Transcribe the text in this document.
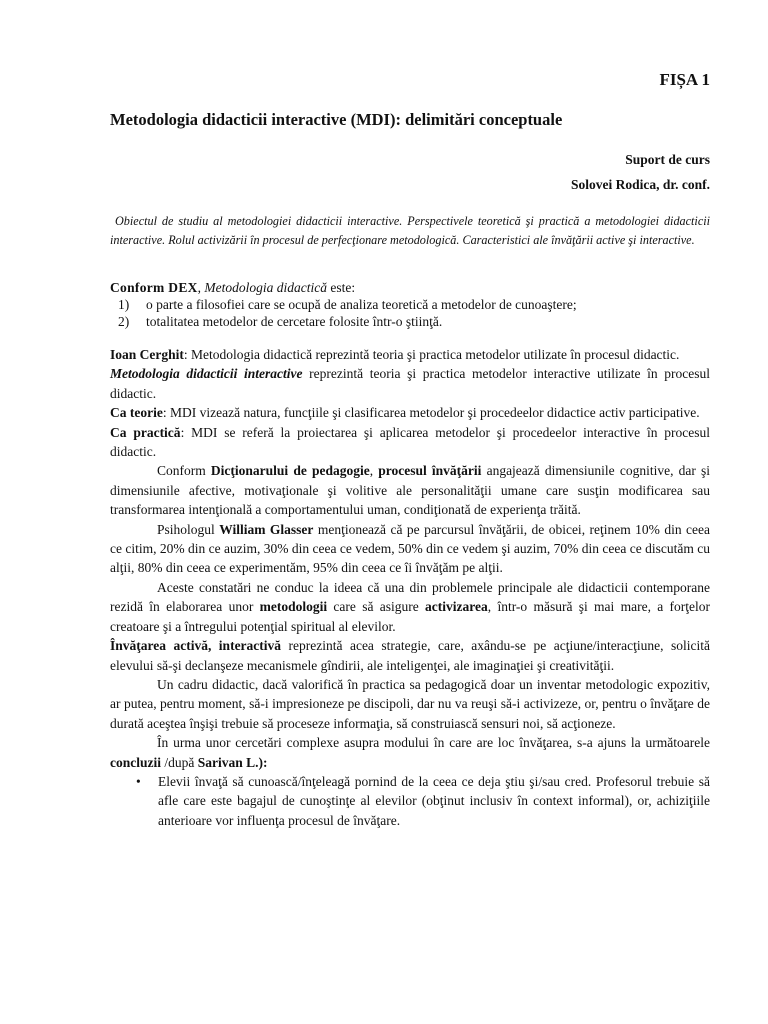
FIȘA 1
Metodologia didacticii interactive (MDI): delimitări conceptuale
Suport de curs
Solovei Rodica, dr. conf.
Obiectul de studiu al metodologiei didacticii interactive. Perspectivele teoretică şi practică a metodologiei didacticii interactive. Rolul activizării în procesul de perfecţionare metodologică. Caracteristici ale învăţării active şi interactive.
Conform DEX, Metodologia didactică este:
1) o parte a filosofiei care se ocupă de analiza teoretică a metodelor de cunoaştere;
2) totalitatea metodelor de cercetare folosite într-o ştiinţă.

Ioan Cerghit: Metodologia didactică reprezintă teoria şi practica metodelor utilizate în procesul didactic.

Metodologia didacticii interactive reprezintă teoria şi practica metodelor interactive utilizate în procesul didactic.

Ca teorie: MDI vizează natura, funcţiile şi clasificarea metodelor şi procedeelor didactice activ participative.

Ca practică: MDI se referă la proiectarea şi aplicarea metodelor şi procedeelor interactive în procesul didactic.

Conform Dicţionarului de pedagogie, procesul învăţării angajează dimensiunile cognitive, dar şi dimensiunile afective, motivaţionale şi volitive ale personalităţii umane care susţin modificarea sau transformarea intenţională a comportamentului uman, condiţionată de experienţa trăită.

Psihologul William Glasser menţionează că pe parcursul învăţării, de obicei, reţinem 10% din ceea ce citim, 20% din ce auzim, 30% din ceea ce vedem, 50% din ce vedem şi auzim, 70% din ceea ce discutăm cu alţii, 80% din ceea ce experimentăm, 95% din ceea ce îi învăţăm pe alţii.

Aceste constatări ne conduc la ideea că una din problemele principale ale didacticii contemporane rezidă în elaborarea unor metodologii care să asigure activizarea, într-o măsură şi mai mare, a forţelor creatoare şi a întregului potenţial spiritual al elevilor.

Învăţarea activă, interactivă reprezintă acea strategie, care, axându-se pe acţiune/interacţiune, solicită elevului să-şi declanşeze mecanismele gîndirii, ale inteligenţei, ale imaginaţiei şi creativităţii.

Un cadru didactic, dacă valorifică în practica sa pedagogică doar un inventar metodologic expozitiv, ar putea, pentru moment, să-i impresioneze pe discipoli, dar nu va reuşi să-i activizeze, or, pentru o învăţare de durată aceştea înşişi trebuie să proceseze informaţia, să construiască sensuri noi, să acţioneze.

În urma unor cercetări complexe asupra modului în care are loc învăţarea, s-a ajuns la următoarele concluzii /după Sarivan L.):

• Elevii învaţă să cunoască/înţeleagă pornind de la ceea ce deja ştiu şi/sau cred. Profesorul trebuie să afle care este bagajul de cunoştinţe al elevilor (obţinut inclusiv în context informal), or, achiziţiile anterioare vor influenţa procesul de învăţare.
